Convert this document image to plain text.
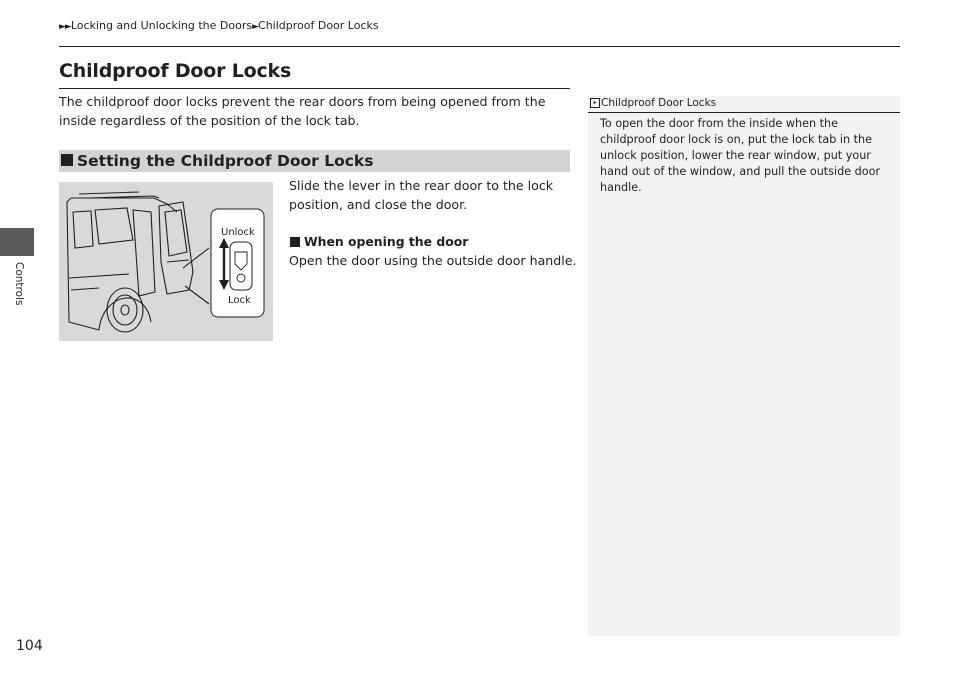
►►Locking and Unlocking the Doors►Childproof Door Locks
Childproof Door Locks

The childproof door locks prevent the rear doors from being opened from the inside regardless of the position of the lock tab.

Setting the Childproof Door Locks
Unlock
Lock

Slide the lever in the rear door to the lock position, and close the door.

When opening the door

Open the door using the outside door handle.

▸ Childproof Door Locks

To open the door from the inside when the childproof door lock is on, put the lock tab in the unlock position, lower the rear window, put your hand out of the window, and pull the outside door handle.

Controls
104
